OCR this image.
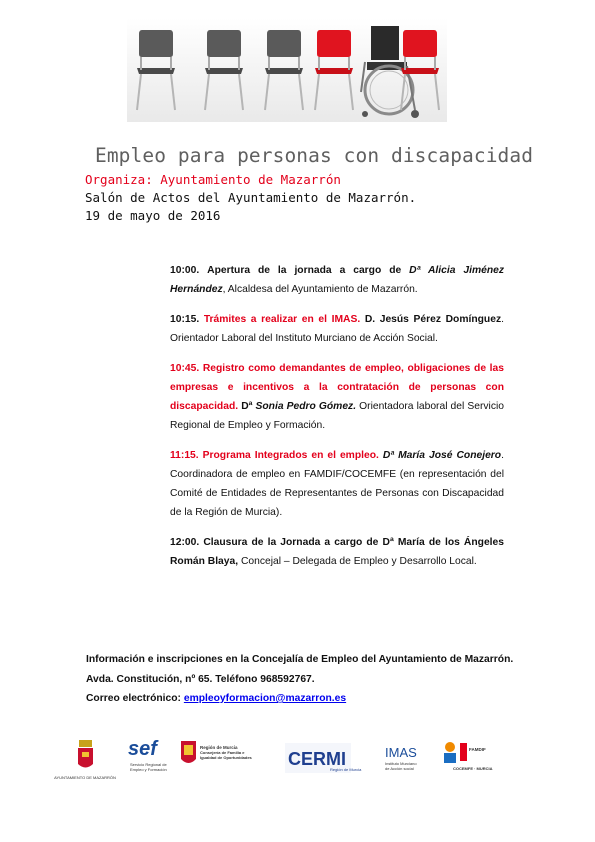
Empleo para personas con discapacidad
Organiza: Ayuntamiento de Mazarrón
Salón de Actos del Ayuntamiento de Mazarrón.
19 de mayo de 2016
10:00. Apertura de la jornada a cargo de Dª Alicia Jiménez Hernández, Alcaldesa del Ayuntamiento de Mazarrón.
10:15. Trámites a realizar en el IMAS. D. Jesús Pérez Domínguez. Orientador Laboral del Instituto Murciano de Acción Social.
10:45. Registro como demandantes de empleo, obligaciones de las empresas e incentivos a la contratación de personas con discapacidad. Dª Sonia Pedro Gómez. Orientadora laboral del Servicio Regional de Empleo y Formación.
11:15. Programa Integrados en el empleo. Dª María José Conejero. Coordinadora de empleo en FAMDIF/COCEMFE (en representación del Comité de Entidades de Representantes de Personas con Discapacidad de la Región de Murcia).
12:00. Clausura de la Jornada a cargo de Dª María de los Ángeles Román Blaya, Concejal – Delegada de Empleo y Desarrollo Local.
Información e inscripciones en la Concejalía de Empleo del Ayuntamiento de Mazarrón.
Avda. Constitución, nº 65. Teléfono 968592767.
Correo electrónico: empleoyformacion@mazarron.es
AYUNTAMIENTO DE MAZARRÓN
sef
Servicio Regional de
Empleo y Formación
Región de Murcia
Consejería de Familia e
Igualdad de Oportunidades CERMI
Región de Murcia
IMAS
Instituto Murciano
de Acción social
FAMDIF
COCEMFE · MURCIA
